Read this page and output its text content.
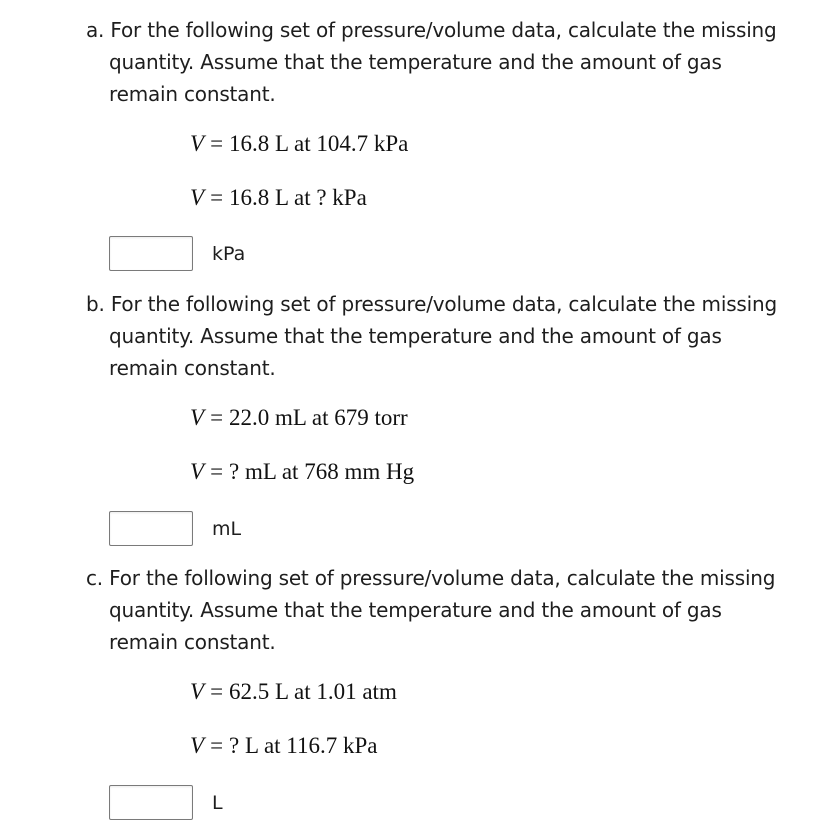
a. For the following set of pressure/volume data, calculate the missing
quantity. Assume that the temperature and the amount of gas
remain constant.
V = 16.8 L at 104.7 kPa
V = 16.8 L at ? kPa
kPa
b. For the following set of pressure/volume data, calculate the missing
quantity. Assume that the temperature and the amount of gas
remain constant.
V = 22.0 mL at 679 torr
V = ? mL at 768 mm Hg
mL
c. For the following set of pressure/volume data, calculate the missing
quantity. Assume that the temperature and the amount of gas
remain constant.
V = 62.5 L at 1.01 atm
V = ? L at 116.7 kPa
L
